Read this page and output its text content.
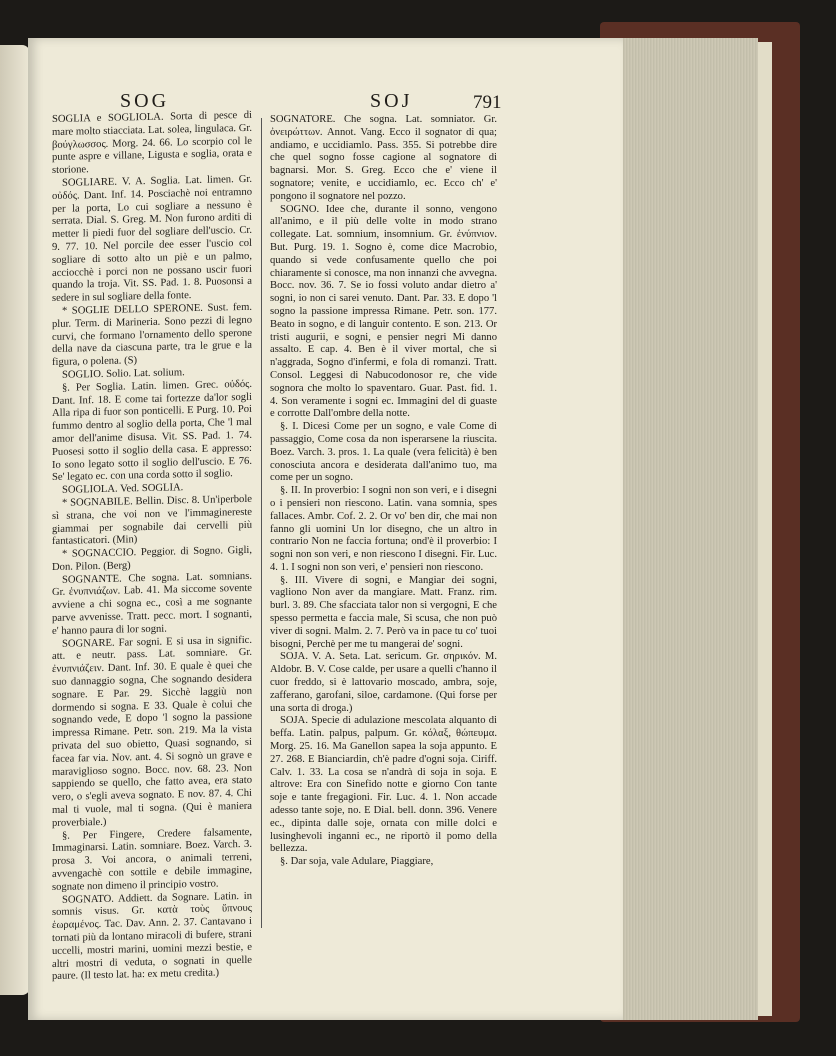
SOG	SOJ	791

SOGLIA e SOGLIOLA. Sorta di pesce di mare molto stiacciata. Lat. solea, lingulaca. Gr. βούγλωσσος. Morg. 24. 66. Lo scorpio col le punte aspre e villane, Ligusta e soglia, orata e storione.

SOGLIARE. V. A. Soglia. Lat. limen. Gr. οὐδός. Dant. Inf. 14. Posciachè noi entramno per la porta, Lo cui sogliare a nessuno è serrata. Dial. S. Greg. M. Non furono arditi di metter li piedi fuor del sogliare dell'uscio. Cr. 9. 77. 10. Nel porcile dee esser l'uscio col sogliare di sotto alto un piè e un palmo, acciocchè i porci non ne possano uscir fuori quando la troja. Vit. SS. Pad. 1. 8. Puosonsi a sedere in sul sogliare della fonte.

* SOGLIE DELLO SPERONE. Sust. fem. plur. Term. di Marineria. Sono pezzi di legno curvi, che formano l'ornamento dello sperone della nave da ciascuna parte, tra le grue e la figura, o polena. (S)

SOGLIO. Solio. Lat. solium.

§. Per Soglia. Latin. limen. Grec. οὐδός. Dant. Inf. 18. E come tai fortezze da'lor sogli Alla ripa di fuor son ponticelli. E Purg. 10. Poi fummo dentro al soglio della porta, Che 'l mal amor dell'anime disusa. Vit. SS. Pad. 1. 74. Puosesi sotto il soglio della casa. E appresso: Io sono legato sotto il soglio dell'uscio. E 76. Se' legato ec. con una corda sotto il soglio.

SOGLIOLA. Ved. SOGLIA.

* SOGNABILE. Bellin. Disc. 8. Un'iperbole sì strana, che voi non ve l'immaginereste giammai per sognabile dai cervelli più fantasticatori. (Min)

* SOGNACCIO. Peggior. di Sogno. Gigli, Don. Pilon. (Berg)

SOGNANTE. Che sogna. Lat. somnians. Gr. ἐνυπνιάζων. Lab. 41. Ma siccome sovente avviene a chi sogna ec., così a me sognante parve avvenisse. Tratt. pecc. mort. I sognanti, e' hanno paura di lor sogni.

SOGNARE. Far sogni. E si usa in signific. att. e neutr. pass. Lat. somniare. Gr. ἐνυπνιάζειν. Dant. Inf. 30. E quale è quei che suo dannaggio sogna, Che sognando desidera sognare. E Par. 29. Sicchè laggiù non dormendo si sogna. E 33. Quale è colui che sognando vede, E dopo 'l sogno la passione impressa Rimane. Petr. son. 219. Ma la vista privata del suo obietto, Quasi sognando, si facea far via. Nov. ant. 4. Si sognò un grave e maraviglioso sogno. Bocc. nov. 68. 23. Non sappiendo se quello, che fatto avea, era stato vero, o s'egli aveva sognato. E nov. 87. 4. Chi mal ti vuole, mal ti sogna. (Qui è maniera proverbiale.)

§. Per Fingere, Credere falsamente, Immaginarsi. Latin. somniare. Boez. Varch. 3. prosa 3. Voi ancora, o animali terreni, avvengachè con sottile e debile immagine, sognate non dimeno il principio vostro.

SOGNATO. Addiett. da Sognare. Latin. in somnis visus. Gr. κατὰ τοὺς ὕπνους ἑωραμένος. Tac. Dav. Ann. 2. 37. Cantavano i tornati più da lontano miracoli di bufere, strani uccelli, mostri marini, uomini mezzi bestie, e altri mostri di veduta, o sognati in quelle paure. (Il testo lat. ha: ex metu credita.)

SOGNATORE. Che sogna. Lat. somniator. Gr. ὀνειρώττων. Annot. Vang. Ecco il sognator di qua; andiamo, e uccidiamlo. Pass. 355. Si potrebbe dire che quel sogno fosse cagione al sognatore di bagnarsi. Mor. S. Greg. Ecco che e' viene il sognatore; venite, e uccidiamlo, ec. Ecco ch' e' pongono il sognatore nel pozzo.

SOGNO. Idee che, durante il sonno, vengono all'animo, e il più delle volte in modo strano collegate. Lat. somnium, insomnium. Gr. ἐνύπνιον. But. Purg. 19. 1. Sogno è, come dice Macrobio, quando si vede confusamente quello che poi chiaramente si conosce, ma non innanzi che avvegna. Bocc. nov. 36. 7. Se io fossi voluto andar dietro a' sogni, io non ci sarei venuto. Dant. Par. 33. E dopo 'l sogno la passione impressa Rimane. Petr. son. 177. Beato in sogno, e di languir contento. E son. 213. Or tristi augurii, e sogni, e pensier negri Mi danno assalto. E cap. 4. Ben è il viver mortal, che sì n'aggrada, Sogno d'infermi, e fola di romanzi. Tratt. Consol. Leggesi di Nabucodonosor re, che vide sognora che molto lo spaventaro. Guar. Past. fid. 1. 4. Son veramente i sogni ec. Immagini del di guaste e corrotte Dall'ombre della notte.

§. I. Dicesi Come per un sogno, e vale Come di passaggio, Come cosa da non isperarsene la riuscita. Boez. Varch. 3. pros. 1. La quale (vera felicità) è ben conosciuta ancora e desiderata dall'animo tuo, ma come per un sogno.

§. II. In proverbio: I sogni non son veri, e i disegni o i pensieri non riescono. Latin. vana somnia, spes fallaces. Ambr. Cof. 2. 2. Or vo' ben dir, che mai non fanno gli uomini Un lor disegno, che un altro in contrario Non ne faccia fortuna; ond'è il proverbio: I sogni non son veri, e non riescono I disegni. Fir. Luc. 4. 1. I sogni non son veri, e' pensieri non riescono.

§. III. Vivere di sogni, e Mangiar dei sogni, vagliono Non aver da mangiare. Matt. Franz. rim. burl. 3. 89. Che sfacciata talor non si vergogni, E che spesso permetta e faccia male, Si scusa, che non può viver di sogni. Malm. 2. 7. Però va in pace tu co' tuoi bisogni, Perchè per me tu mangerai de' sogni.

SOJA. V. A. Seta. Lat. sericum. Gr. σηρικόν. M. Aldobr. B. V. Cose calde, per usare a quelli c'hanno il cuor freddo, si è lattovario moscado, ambra, soje, zafferano, garofani, siloe, cardamone. (Qui forse per una sorta di droga.)

SOJA. Specie di adulazione mescolata alquanto di beffa. Latin. palpus, palpum. Gr. κόλαξ, θώπευμα. Morg. 25. 16. Ma Ganellon sapea la soja appunto. E 27. 268. E Bianciardin, ch'è padre d'ogni soja. Ciriff. Calv. 1. 33. La cosa se n'andrà di soja in soja. E altrove: Era con Sinefido notte e giorno Con tante soje e tante fregagioni. Fir. Luc. 4. 1. Non accade adesso tante soje, no. E Dial. bell. donn. 396. Venere ec., dipinta dalle soje, ornata con mille dolci e lusinghevoli inganni ec., ne riportò il pomo della bellezza.

§. Dar soja, vale Adulare, Piaggiare,
